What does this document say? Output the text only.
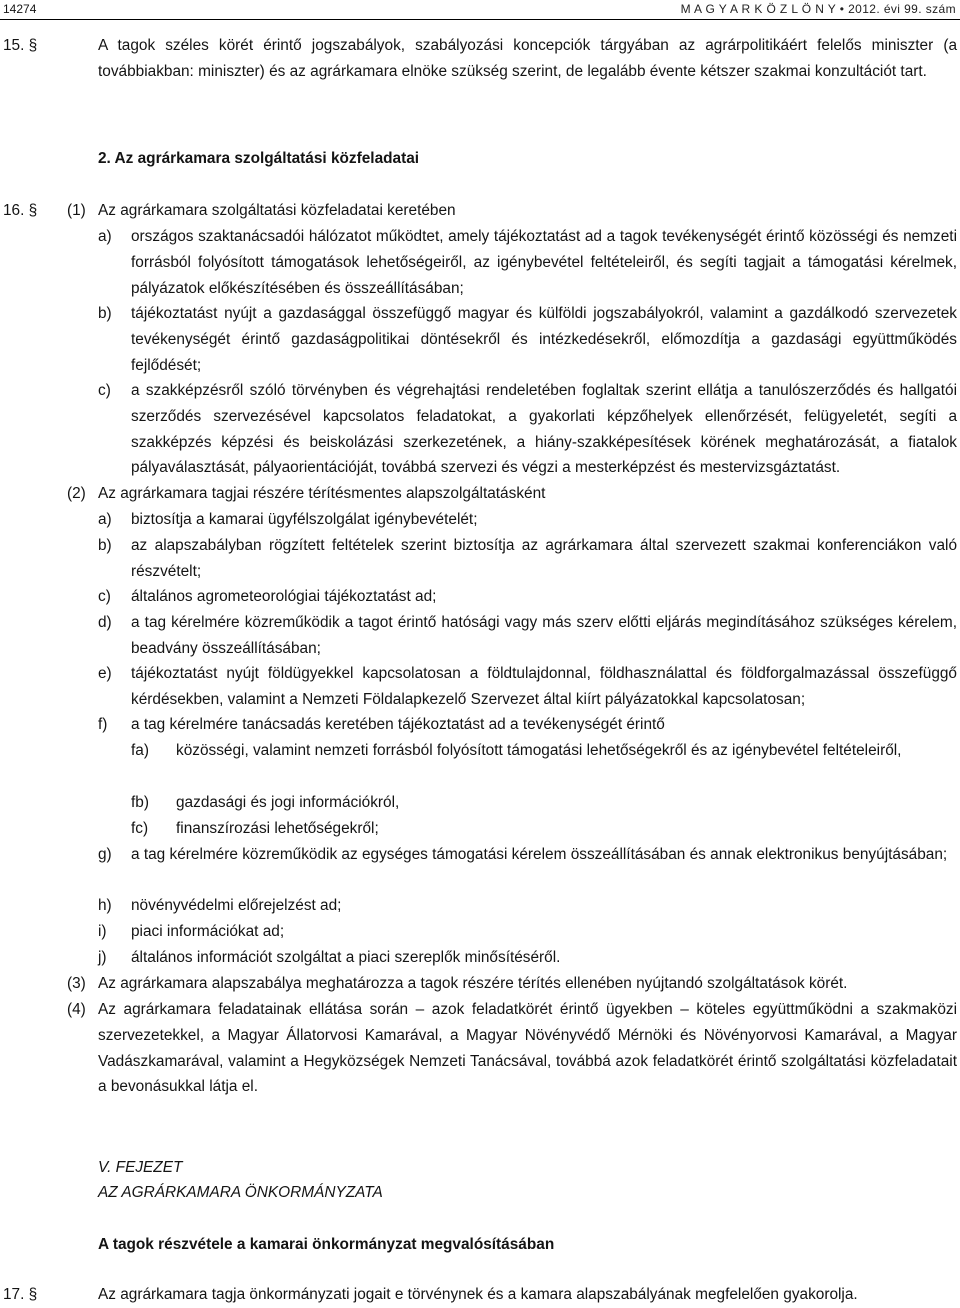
14274	M A G Y A R K Ö Z L Ö N Y • 2012. évi 99. szám
15. §	A tagok széles körét érintő jogszabályok, szabályozási koncepciók tárgyában az agrárpolitikáért felelős miniszter (a továbbiakban: miniszter) és az agrárkamara elnöke szükség szerint, de legalább évente kétszer szakmai konzultációt tart.
2. Az agrárkamara szolgáltatási közfeladatai
16. § (1) Az agrárkamara szolgáltatási közfeladatai keretében
a) országos szaktanácsadói hálózatot működtet, amely tájékoztatást ad a tagok tevékenységét érintő közösségi és nemzeti forrásból folyósított támogatások lehetőségeiről, az igénybevétel feltételeiről, és segíti tagjait a támogatási kérelmek, pályázatok előkészítésében és összeállításában;
b) tájékoztatást nyújt a gazdasággal összefüggő magyar és külföldi jogszabályokról, valamint a gazdálkodó szervezetek tevékenységét érintő gazdaságpolitikai döntésekről és intézkedésekről, előmozdítja a gazdasági együttműködés fejlődését;
c) a szakképzésről szóló törvényben és végrehajtási rendeletében foglaltak szerint ellátja a tanulószerződés és hallgatói szerződés szervezésével kapcsolatos feladatokat, a gyakorlati képzőhelyek ellenőrzését, felügyeletét, segíti a szakképzés képzési és beiskolázási szerkezetének, a hiány-szakképesítések körének meghatározását, a fiatalok pályaválasztását, pályaorientációját, továbbá szervezi és végzi a mesterképzést és mestervizsgáztatást.
(2) Az agrárkamara tagjai részére térítésmentes alapszolgáltatásként
a) biztosítja a kamarai ügyfélszolgálat igénybevételét;
b) az alapszabályban rögzített feltételek szerint biztosítja az agrárkamara által szervezett szakmai konferenciákon való részvételt;
c) általános agrometeorológiai tájékoztatást ad;
d) a tag kérelmére közreműködik a tagot érintő hatósági vagy más szerv előtti eljárás megindításához szükséges kérelem, beadvány összeállításában;
e) tájékoztatást nyújt földügyekkel kapcsolatosan a földtulajdonnal, földhasználattal és földforgalmazással összefüggő kérdésekben, valamint a Nemzeti Földalapkezelő Szervezet által kiírt pályázatokkal kapcsolatosan;
f) a tag kérelmére tanácsadás keretében tájékoztatást ad a tevékenységét érintő
fa) közösségi, valamint nemzeti forrásból folyósított támogatási lehetőségekről és az igénybevétel feltételeiről,
fb) gazdasági és jogi információkról,
fc) finanszírozási lehetőségekről;
g) a tag kérelmére közreműködik az egységes támogatási kérelem összeállításában és annak elektronikus benyújtásában;
h) növényvédelmi előrejelzést ad;
i) piaci információkat ad;
j) általános információt szolgáltat a piaci szereplők minősítéséről.
(3) Az agrárkamara alapszabálya meghatározza a tagok részére térítés ellenében nyújtandó szolgáltatások körét.
(4) Az agrárkamara feladatainak ellátása során – azok feladatkörét érintő ügyekben – köteles együttműködni a szakmaközi szervezetekkel, a Magyar Állatorvosi Kamarával, a Magyar Növényvédő Mérnöki és Növényorvosi Kamarával, a Magyar Vadászkamarával, valamint a Hegyközségek Nemzeti Tanácsával, továbbá azok feladatkörét érintő szolgáltatási közfeladatait a bevonásukkal látja el.
V. FEJEZET
AZ AGRÁRKAMARA ÖNKORMÁNYZATA
A tagok részvétele a kamarai önkormányzat megvalósításában
17. §	Az agrárkamara tagja önkormányzati jogait e törvénynek és a kamara alapszabályának megfelelően gyakorolja.
